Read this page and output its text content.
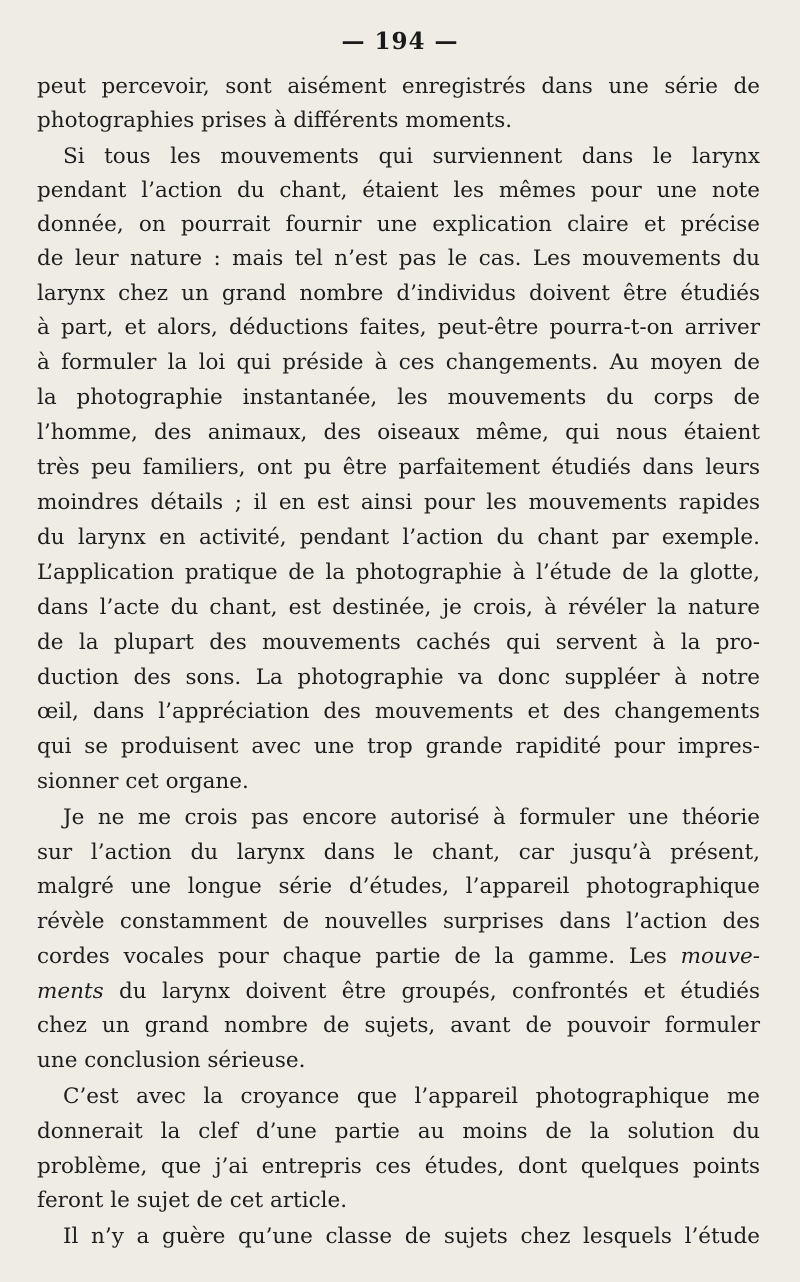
— 194 —
peut percevoir, sont aisément enregistrés dans une série de
photographies prises à différents moments.
Si tous les mouvements qui surviennent dans le larynx
pendant l’action du chant, étaient les mêmes pour une note
donnée, on pourrait fournir une explication claire et précise
de leur nature : mais tel n’est pas le cas. Les mouvements du
larynx chez un grand nombre d’individus doivent être étudiés
à part, et alors, déductions faites, peut-être pourra-t-on arriver
à formuler la loi qui préside à ces changements. Au moyen de
la photographie instantanée, les mouvements du corps de
l’homme, des animaux, des oiseaux même, qui nous étaient
très peu familiers, ont pu être parfaitement étudiés dans leurs
moindres détails ; il en est ainsi pour les mouvements rapides
du larynx en activité, pendant l’action du chant par exemple.
L’application pratique de la photographie à l’étude de la glotte,
dans l’acte du chant, est destinée, je crois, à révéler la nature
de la plupart des mouvements cachés qui servent à la pro-
duction des sons. La photographie va donc suppléer à notre
œil, dans l’appréciation des mouvements et des changements
qui se produisent avec une trop grande rapidité pour impres-
sionner cet organe.
Je ne me crois pas encore autorisé à formuler une théorie
sur l’action du larynx dans le chant, car jusqu’à présent,
malgré une longue série d’études, l’appareil photographique
révèle constamment de nouvelles surprises dans l’action des
cordes vocales pour chaque partie de la gamme. Les mouve-
ments du larynx doivent être groupés, confrontés et étudiés
chez un grand nombre de sujets, avant de pouvoir formuler
une conclusion sérieuse.
C’est avec la croyance que l’appareil photographique me
donnerait la clef d’une partie au moins de la solution du
problème, que j’ai entrepris ces études, dont quelques points
feront le sujet de cet article.
Il n’y a guère qu’une classe de sujets chez lesquels l’étude
